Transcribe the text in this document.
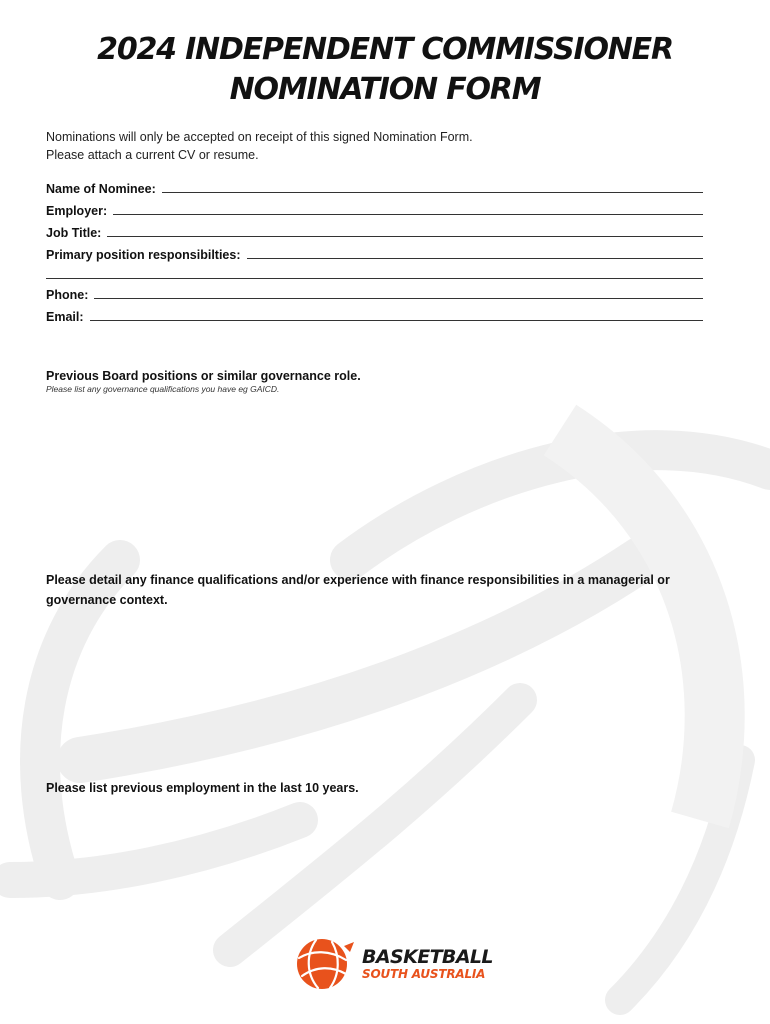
2024 INDEPENDENT COMMISSIONER
NOMINATION FORM
Nominations will only be accepted on receipt of this signed Nomination Form.
Please attach a current CV or resume.
Name of Nominee:
Employer:
Job Title:
Primary position responsibilties:
Phone:
Email:
Previous Board positions or similar governance role.
Please list any governance qualifications you have eg GAICD.
Please detail any finance qualifications and/or experience with finance responsibilities in a managerial or governance context.
Please list previous employment in the last 10 years.
BASKETBALL
SOUTH AUSTRALIA
